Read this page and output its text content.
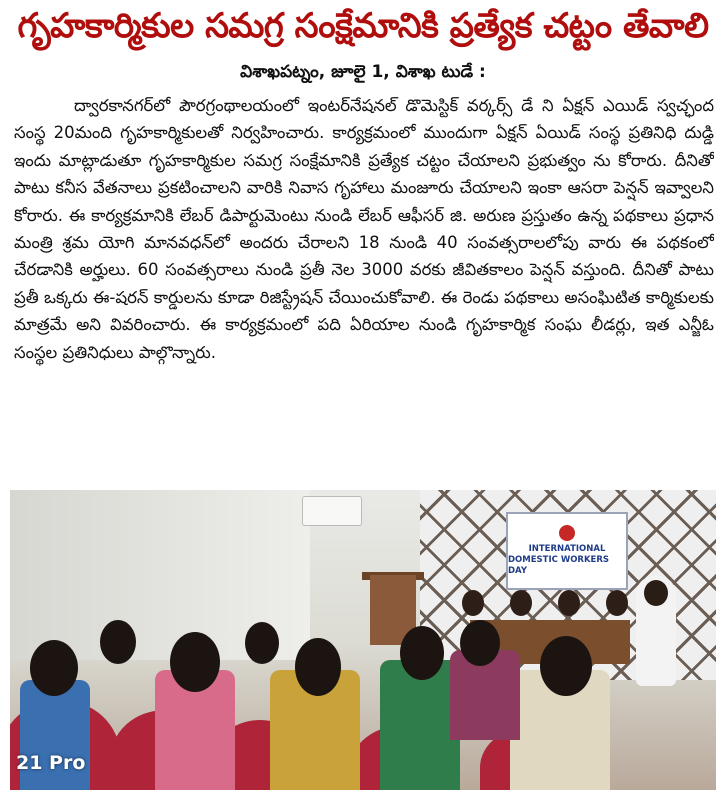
గృహకార్మికుల సమగ్ర సంక్షేమానికి ప్రత్యేక చట్టం తేవాలి
విశాఖపట్నం, జూలై 1, విశాఖ టుడే :

ద్వారకానగర్‌లో పౌరగ్రంథాలయంలో ఇంటర్‌నేషనల్ డొమెస్టిక్ వర్కర్స్ డే ని ఏక్షన్ ఎయిడ్ స్వచ్ఛంద సంస్థ 20మంది గృహకార్మికులతో నిర్వహించారు. కార్యక్రమంలో ముందుగా ఏక్షన్ ఏయిడ్ సంస్థ ప్రతినిధి దుడ్డి ఇందు మాట్లాడుతూ గృహకార్మికుల సమగ్ర సంక్షేమానికి ప్రత్యేక చట్టం చేయాలని ప్రభుత్వం ను కోరారు. దీనితో పాటు కనీస వేతనాలు ప్రకటించాలని వారికి నివాస గృహాలు మంజూరు చేయాలని ఇంకా ఆసరా పెన్షన్ ఇవ్వాలని కోరారు. ఈ కార్యక్రమానికి లేబర్ డిపార్టుమెంటు నుండి లేబర్ ఆఫీసర్ జి. అరుణ ప్రస్తుతం ఉన్న పథకాలు ప్రధాన మంత్రి శ్రమ యోగి మానవధన్‌లో అందరు చేరాలని 18 నుండి 40 సంవత్సరాలలోపు వారు ఈ పథకంలో చేరడానికి అర్హులు. 60 సంవత్సరాలు నుండి ప్రతీ నెల 3000 వరకు జీవితకాలం పెన్షన్ వస్తుంది. దీనితో పాటు ప్రతీ ఒక్కరు ఈ-షరన్ కార్డులను కూడా రిజిస్ట్రేషన్ చేయించుకోవాలి. ఈ రెండు పథకాలు అసంఘిటిత కార్మికులకు మాత్రమే అని వివరించారు. ఈ కార్యక్రమంలో పది ఏరియాల నుండి గృహకార్మిక సంఘ లీడర్లు, ఇత ఎన్జీఓ సంస్థల ప్రతినిధులు పాల్గొన్నారు.

INTERNATIONAL
DOMESTIC WORKERS DAY
21 Pro
